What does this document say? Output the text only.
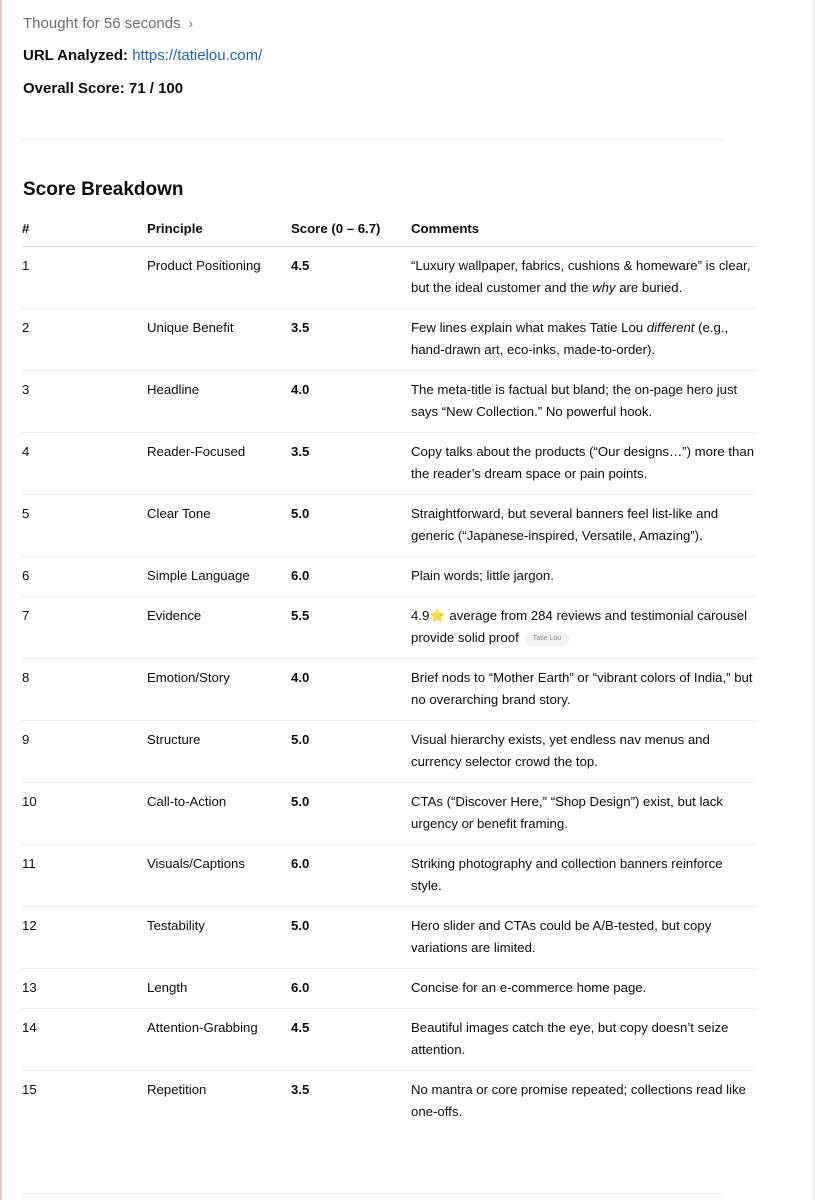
Thought for 56 seconds ›
URL Analyzed: https://tatielou.com/
Overall Score: 71 / 100
Score Breakdown
#	Principle	Score (0 – 6.7)	Comments
1	Product Positioning	4.5	“Luxury wallpaper, fabrics, cushions & homeware” is clear, but the ideal customer and the why are buried.
2	Unique Benefit	3.5	Few lines explain what makes Tatie Lou different (e.g., hand-drawn art, eco-inks, made-to-order).
3	Headline	4.0	The meta-title is factual but bland; the on-page hero just says “New Collection.” No powerful hook.
4	Reader-Focused	3.5	Copy talks about the products (“Our designs…”) more than the reader’s dream space or pain points.
5	Clear Tone	5.0	Straightforward, but several banners feel list-like and generic (“Japanese-inspired, Versatile, Amazing”).
6	Simple Language	6.0	Plain words; little jargon.
7	Evidence	5.5	4.9⭐ average from 284 reviews and testimonial carousel provide solid proof Tatie Lou
8	Emotion/Story	4.0	Brief nods to “Mother Earth” or “vibrant colors of India,” but no overarching brand story.
9	Structure	5.0	Visual hierarchy exists, yet endless nav menus and currency selector crowd the top.
10	Call-to-Action	5.0	CTAs (“Discover Here,” “Shop Design”) exist, but lack urgency or benefit framing.
11	Visuals/Captions	6.0	Striking photography and collection banners reinforce style.
12	Testability	5.0	Hero slider and CTAs could be A/B-tested, but copy variations are limited.
13	Length	6.0	Concise for an e-commerce home page.
14	Attention-Grabbing	4.5	Beautiful images catch the eye, but copy doesn’t seize attention.
15	Repetition	3.5	No mantra or core promise repeated; collections read like one-offs.
